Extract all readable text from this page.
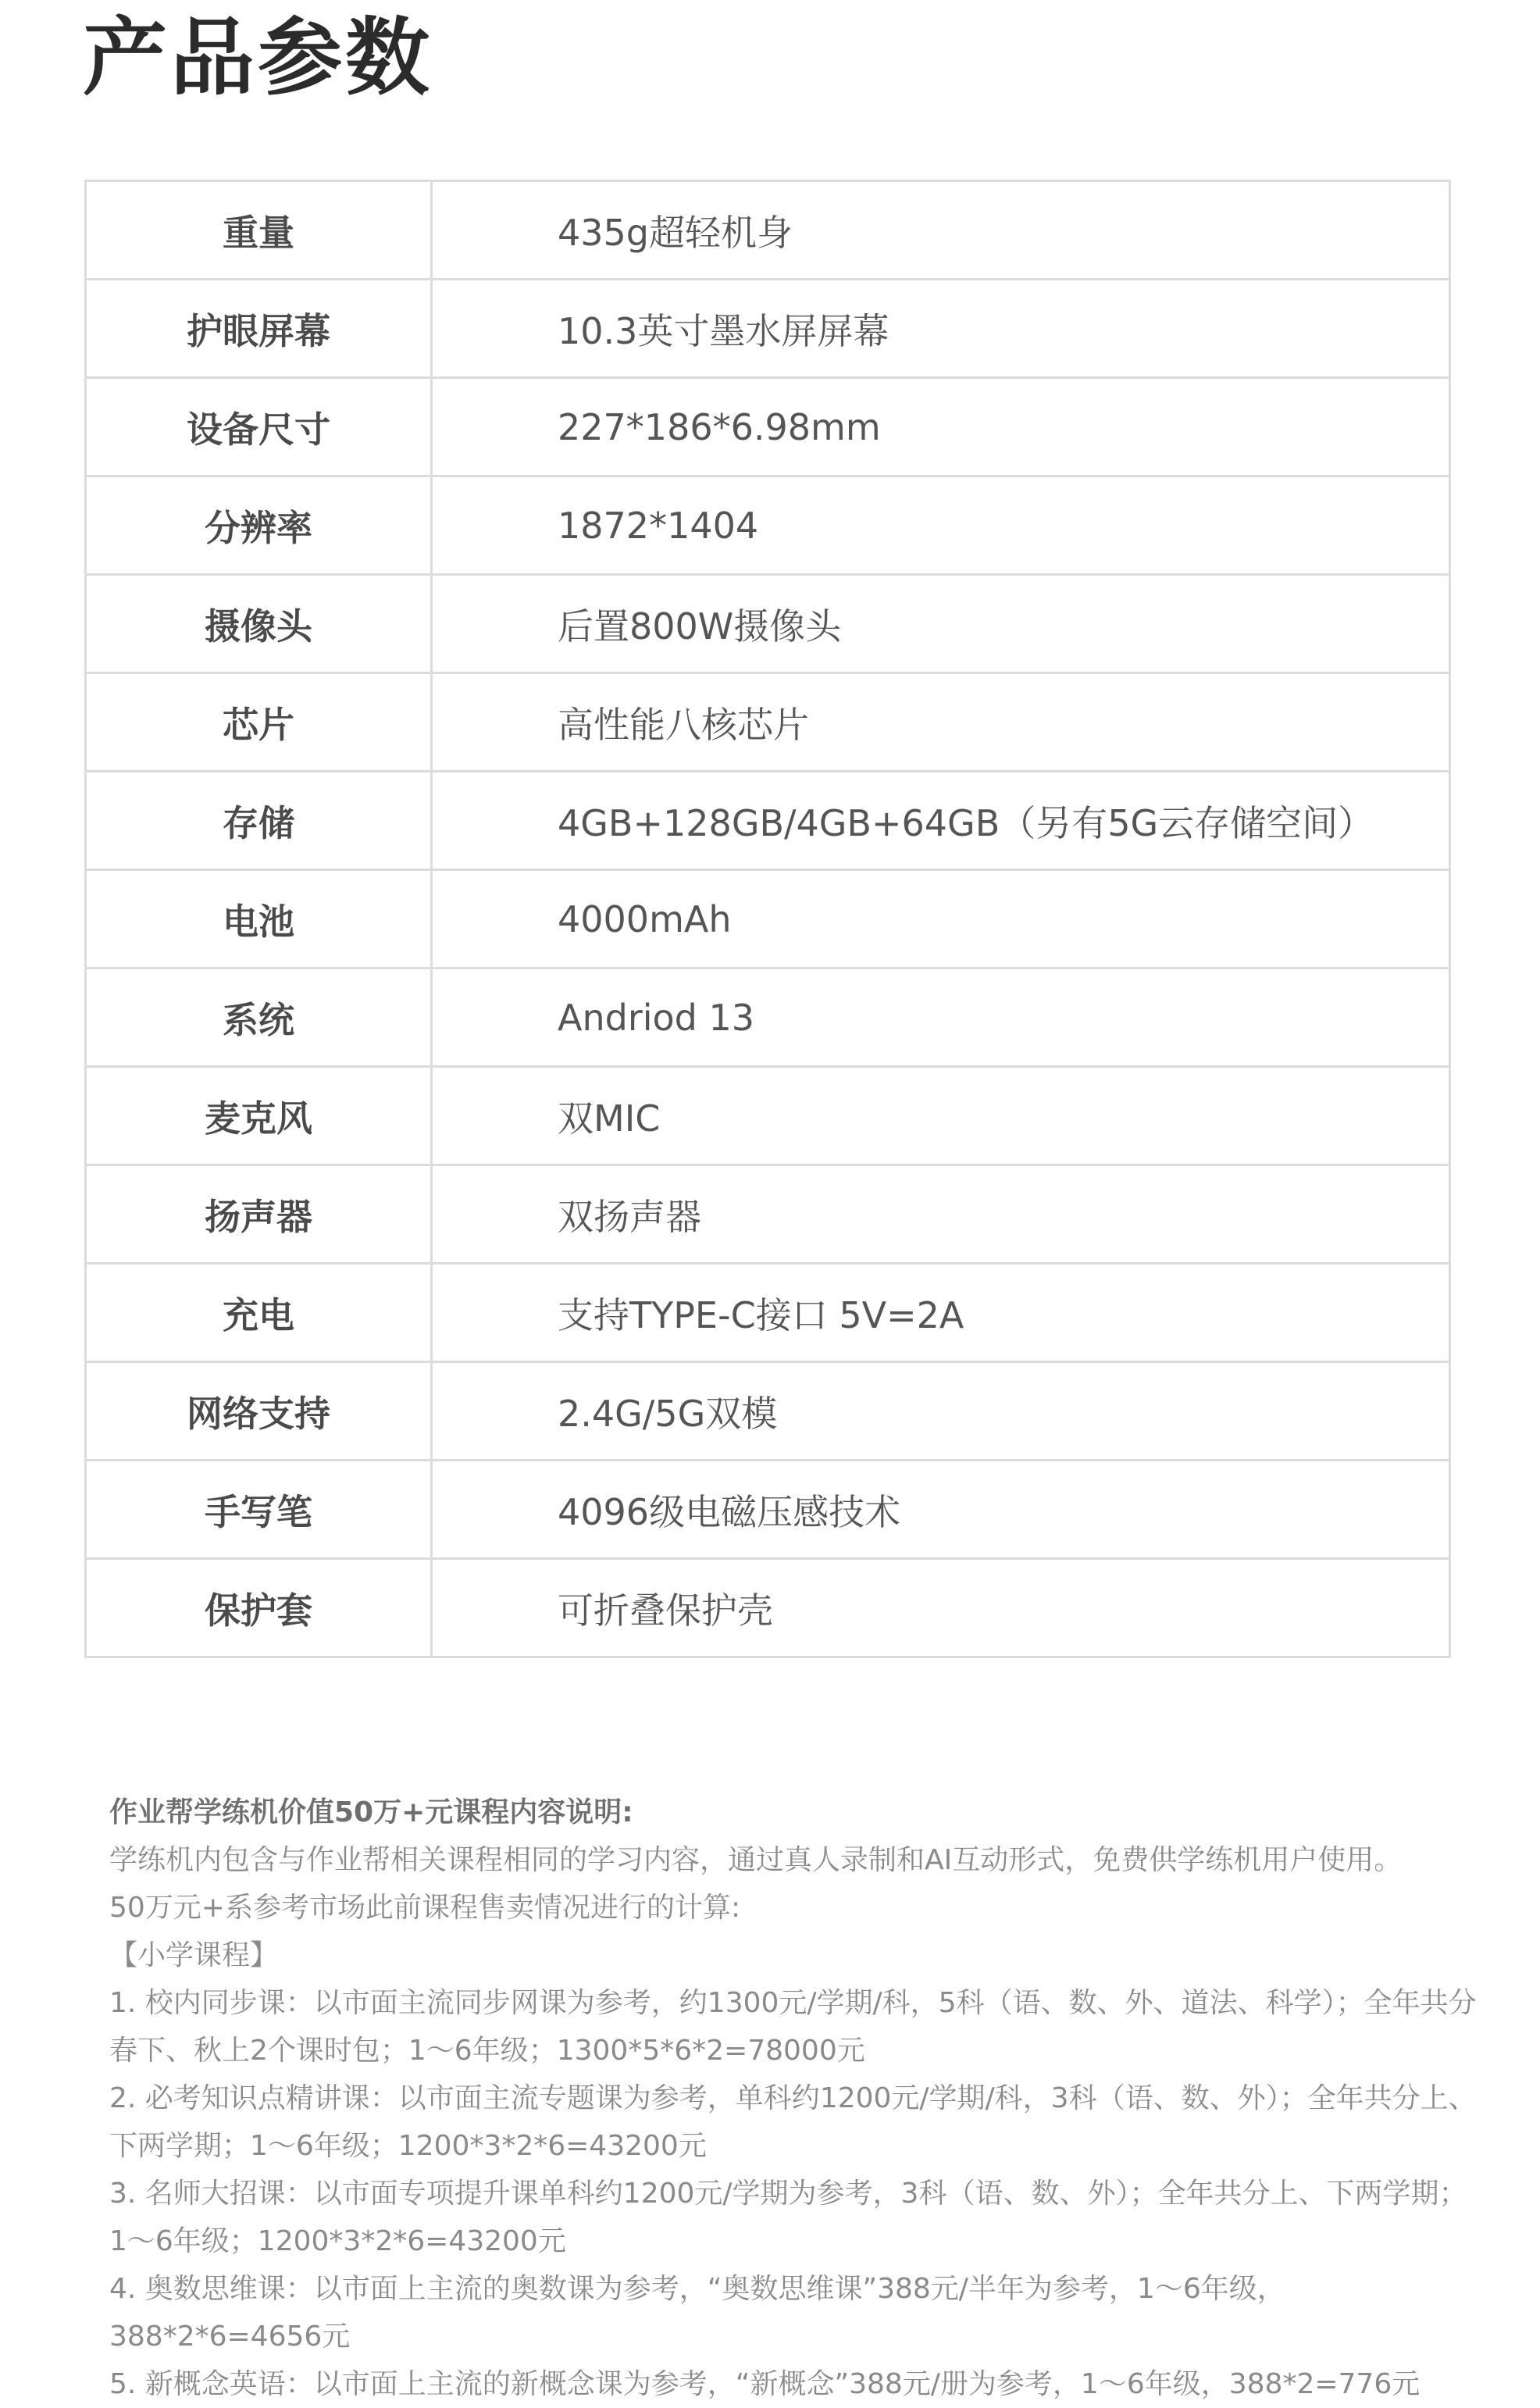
产品参数
重量	435g超轻机身
护眼屏幕	10.3英寸墨水屏屏幕
设备尺寸	227*186*6.98mm
分辨率	1872*1404
摄像头	后置800W摄像头
芯片	高性能八核芯片
存储	4GB+128GB/4GB+64GB（另有5G云存储空间）
电池	4000mAh
系统	Andriod 13
麦克风	双MIC
扬声器	双扬声器
充电	支持TYPE-C接口 5V=2A
网络支持	2.4G/5G双模
手写笔	4096级电磁压感技术
保护套	可折叠保护壳

作业帮学练机价值50万+元课程内容说明:

学练机内包含与作业帮相关课程相同的学习内容，通过真人录制和AI互动形式，免费供学练机用户使用。

50万元+系参考市场此前课程售卖情况进行的计算:

【小学课程】

1. 校内同步课：以市面主流同步网课为参考，约1300元/学期/科，5科（语、数、外、道法、科学）；全年共分春下、秋上2个课时包；1～6年级；1300*5*6*2=78000元

2. 必考知识点精讲课：以市面主流专题课为参考，单科约1200元/学期/科，3科（语、数、外）；全年共分上、下两学期；1～6年级；1200*3*2*6=43200元

3. 名师大招课：以市面专项提升课单科约1200元/学期为参考，3科（语、数、外）；全年共分上、下两学期；1～6年级；1200*3*2*6=43200元

4. 奥数思维课：以市面上主流的奥数课为参考，“奥数思维课”388元/半年为参考，1～6年级，388*2*6=4656元

5. 新概念英语：以市面上主流的新概念课为参考，“新概念”388元/册为参考，1～6年级，388*2=776元
